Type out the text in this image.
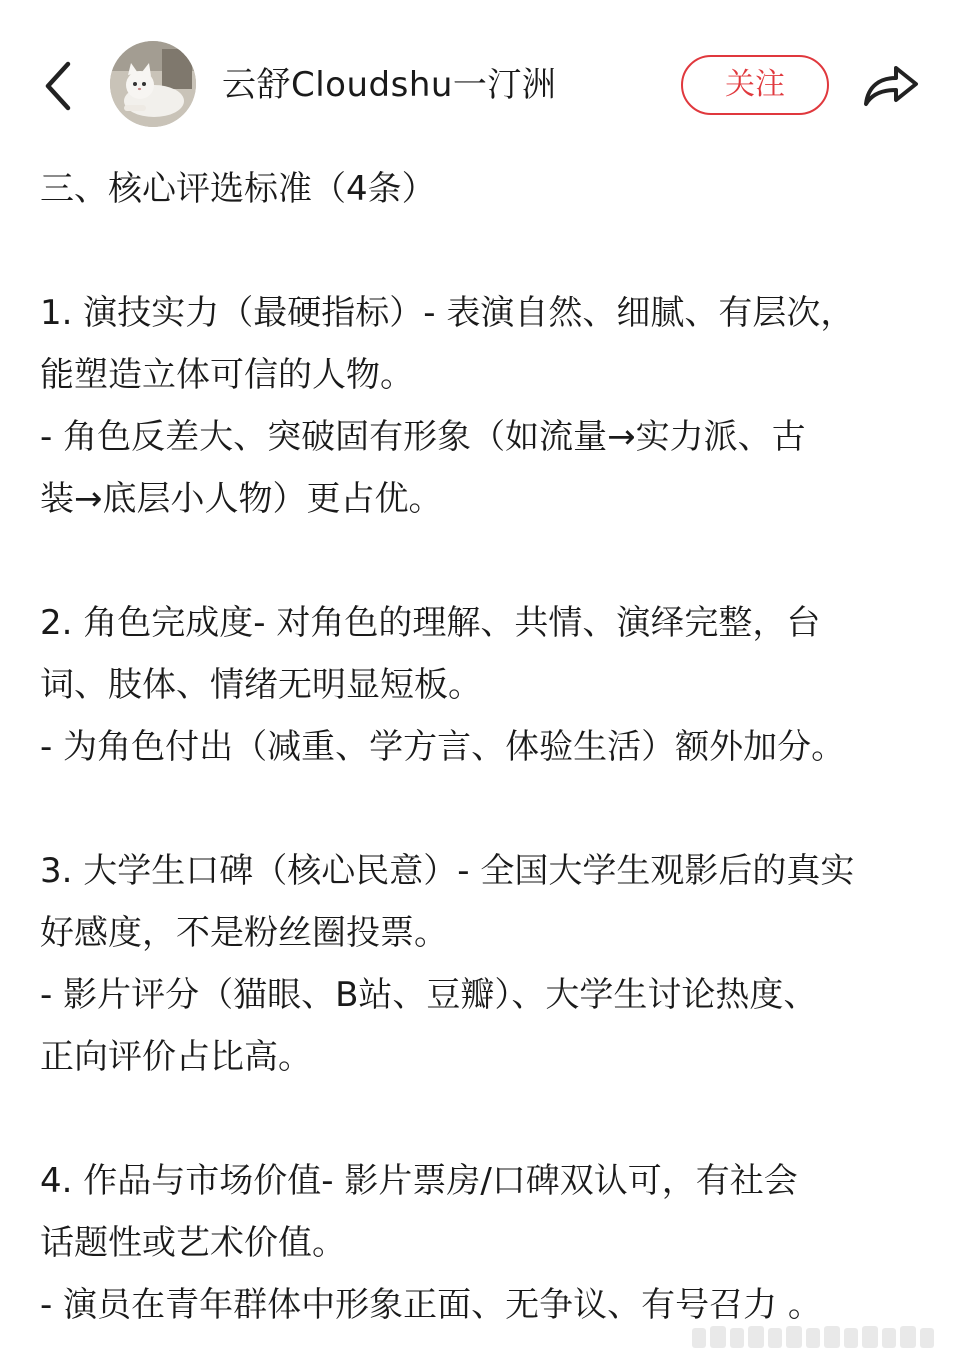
云舒Cloudshu一汀洲	关注
三、核心评选标准（4条）
1. 演技实力（最硬指标）- 表演自然、细腻、有层次，
能塑造立体可信的人物。
- 角色反差大、突破固有形象（如流量→实力派、古
装→底层小人物）更占优。
2. 角色完成度- 对角色的理解、共情、演绎完整，台
词、肢体、情绪无明显短板。
- 为角色付出（减重、学方言、体验生活）额外加分。
3. 大学生口碑（核心民意）- 全国大学生观影后的真实
好感度，不是粉丝圈投票。
- 影片评分（猫眼、B站、豆瓣）、大学生讨论热度、
正向评价占比高。
4. 作品与市场价值- 影片票房/口碑双认可，有社会
话题性或艺术价值。
- 演员在青年群体中形象正面、无争议、有号召力 。
